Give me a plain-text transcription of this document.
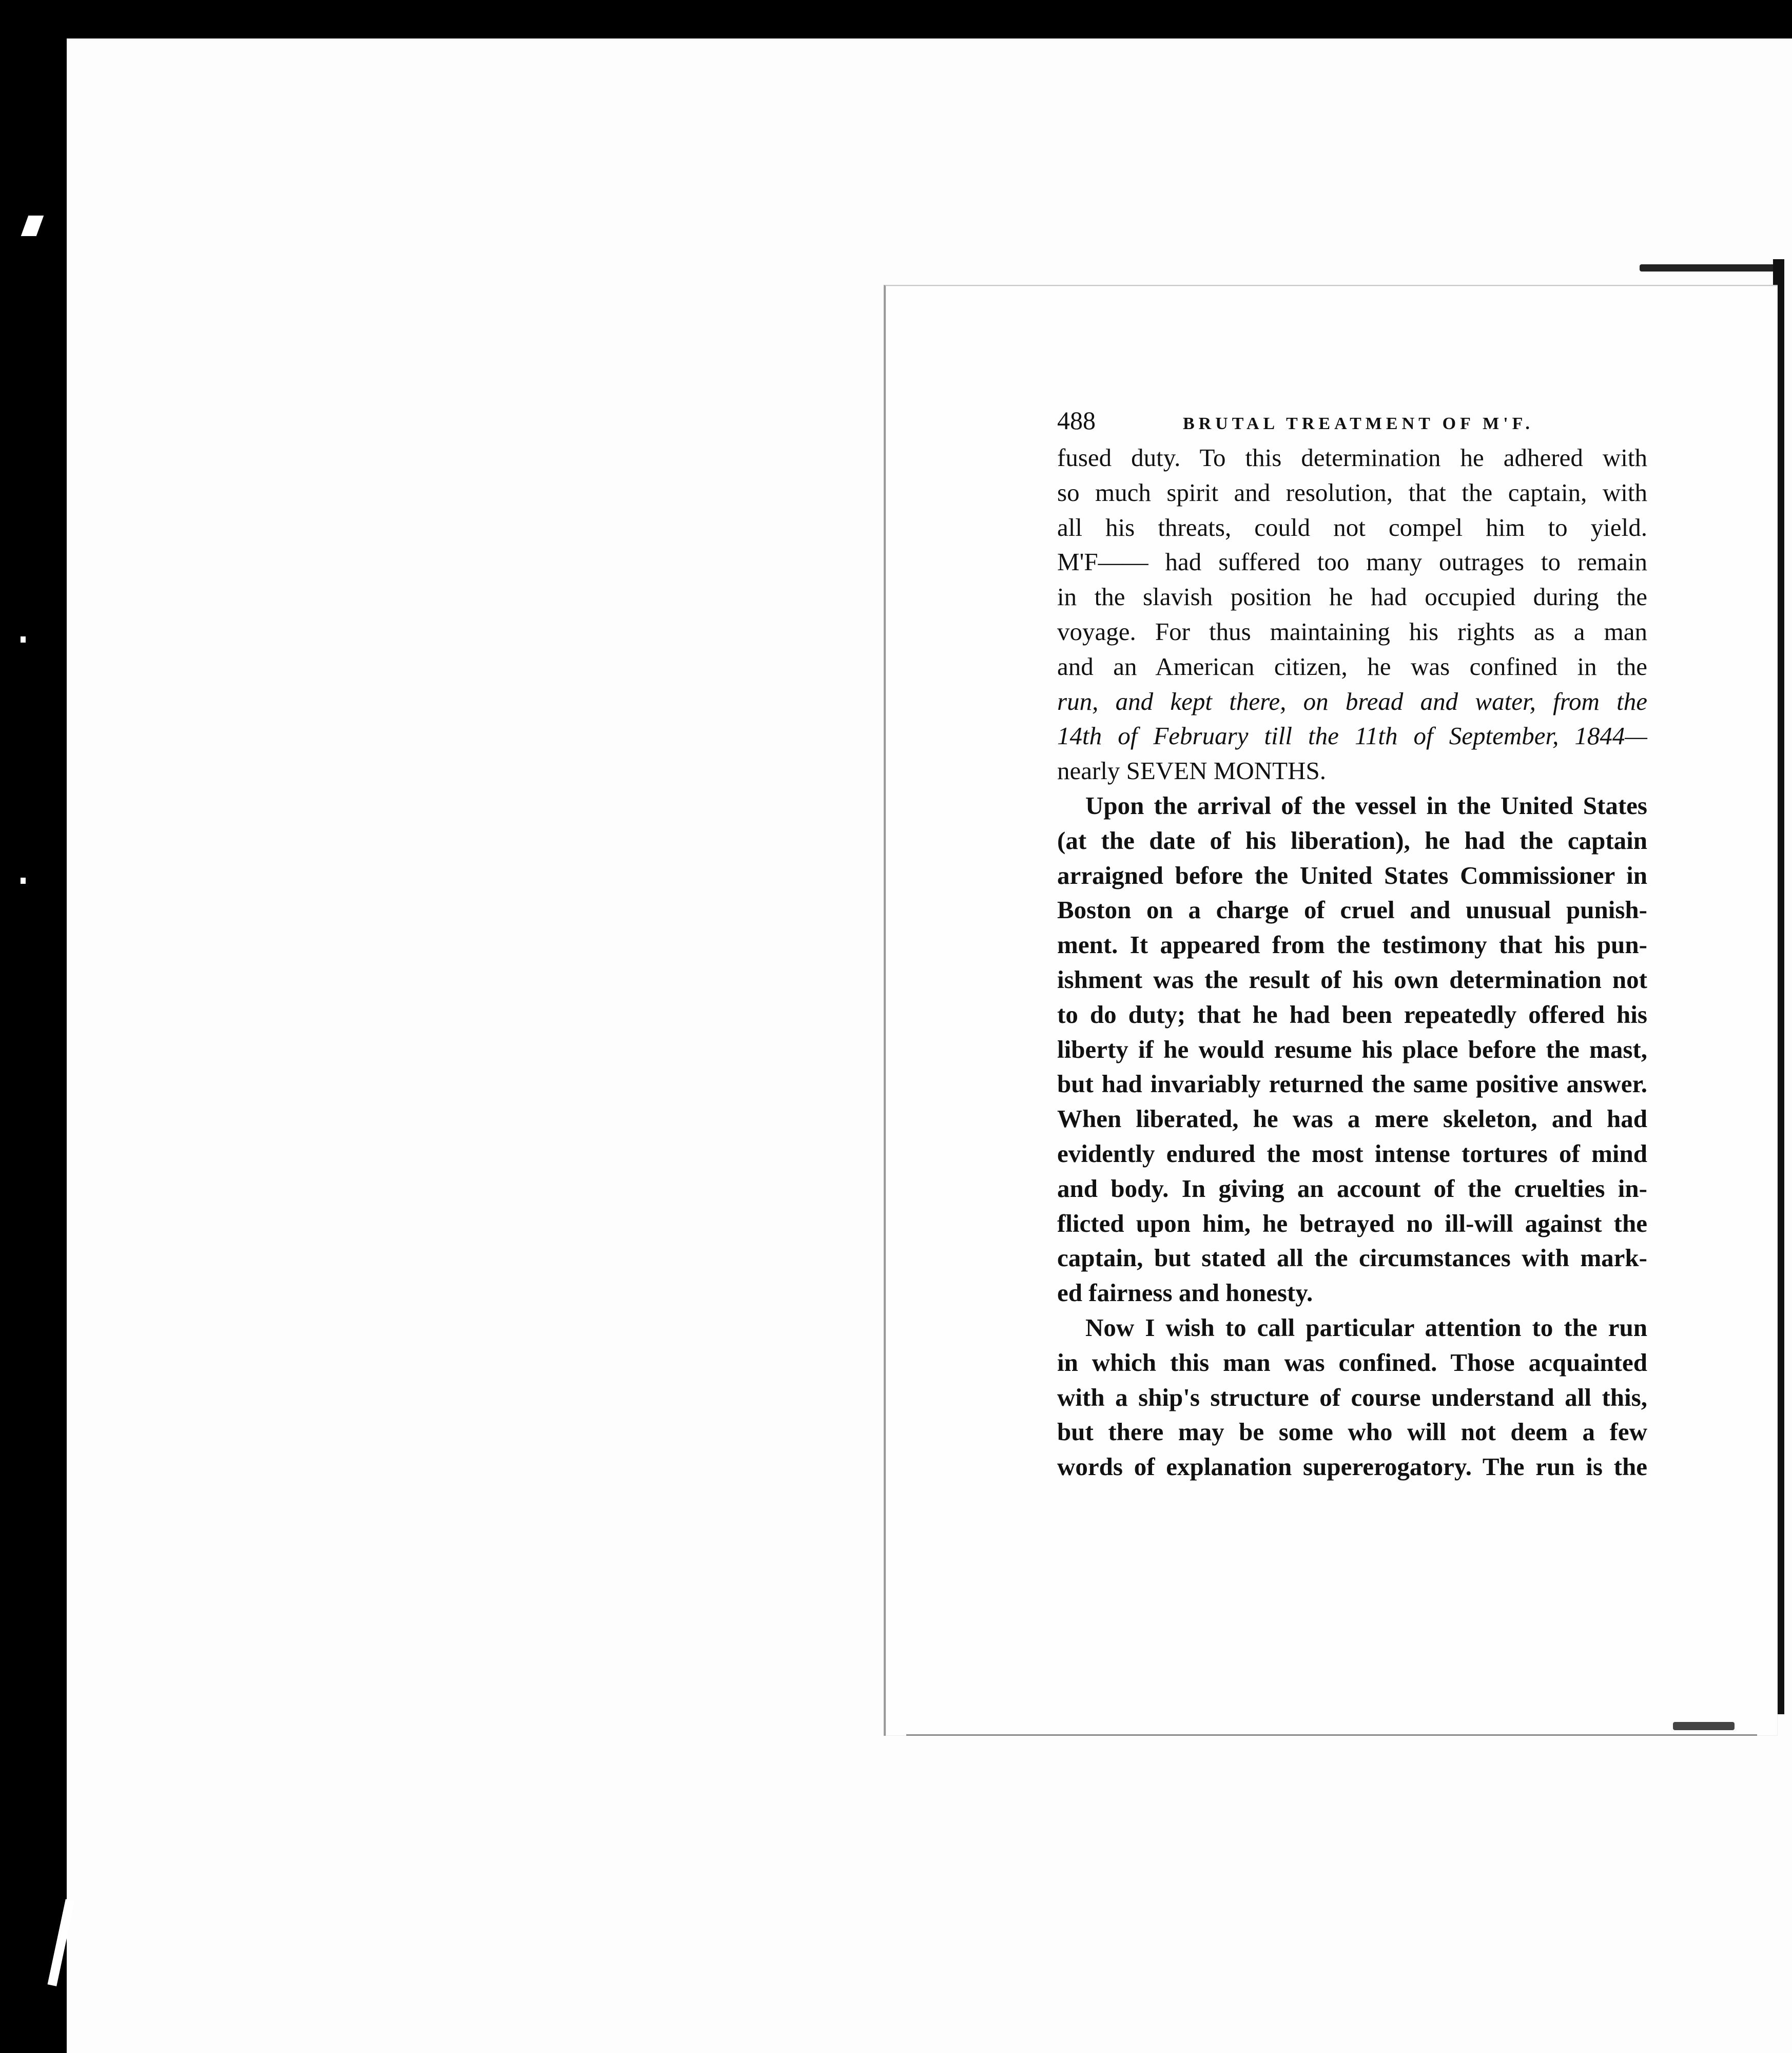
488	BRUTAL TREATMENT OF M'F.
fused duty. To this determination he adhered with
so much spirit and resolution, that the captain, with
all his threats, could not compel him to yield.
M'F—— had suffered too many outrages to remain
in the slavish position he had occupied during the
voyage. For thus maintaining his rights as a man
and an American citizen, he was confined in the
run, and kept there, on bread and water, from the
14th of February till the 11th of September, 1844—
nearly SEVEN MONTHS.
Upon the arrival of the vessel in the United States
(at the date of his liberation), he had the captain
arraigned before the United States Commissioner in
Boston on a charge of cruel and unusual punish-
ment. It appeared from the testimony that his pun-
ishment was the result of his own determination not
to do duty; that he had been repeatedly offered his
liberty if he would resume his place before the mast,
but had invariably returned the same positive answer.
When liberated, he was a mere skeleton, and had
evidently endured the most intense tortures of mind
and body. In giving an account of the cruelties in-
flicted upon him, he betrayed no ill-will against the
captain, but stated all the circumstances with mark-
ed fairness and honesty.
Now I wish to call particular attention to the run
in which this man was confined. Those acquainted
with a ship's structure of course understand all this,
but there may be some who will not deem a few
words of explanation supererogatory. The run is the
